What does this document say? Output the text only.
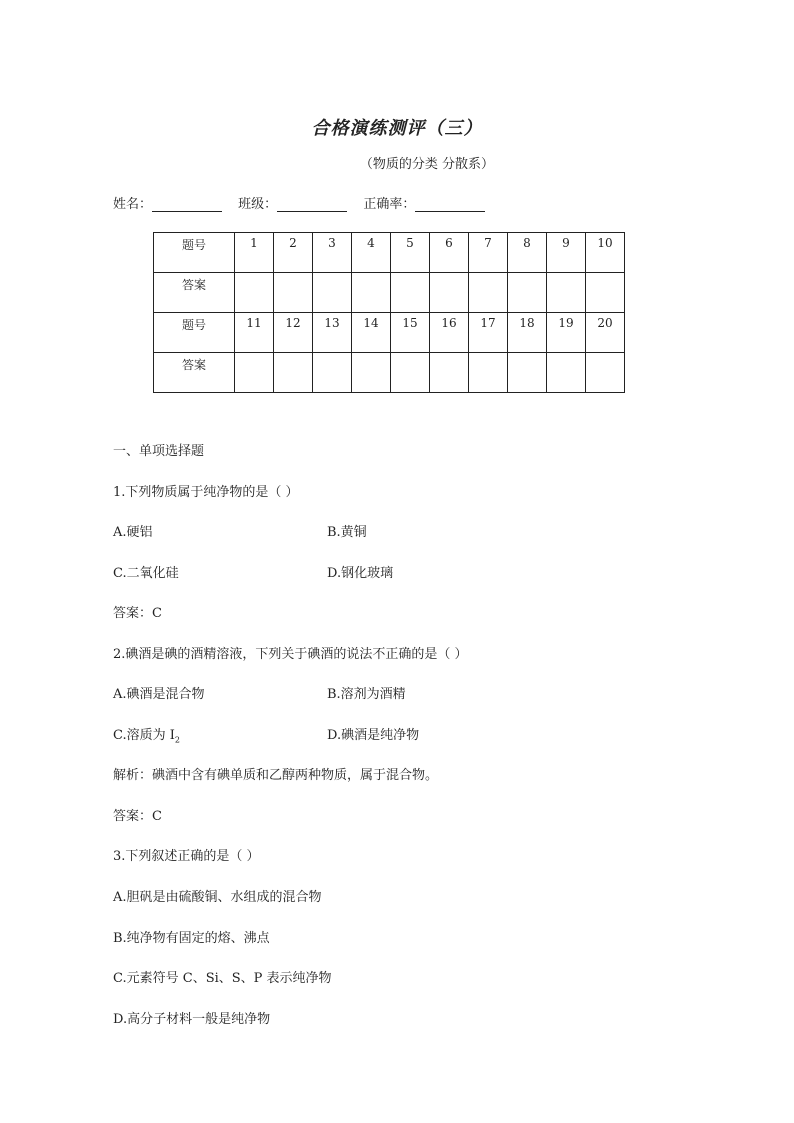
合格演练测评（三）
（物质的分类 分散系）
姓名：	班级：	正确率：
题号	1	2	3	4	5	6	7	8	9	10
答案										
题号	11	12	13	14	15	16	17	18	19	20
答案										
一、单项选择题
1.下列物质属于纯净物的是（ ）
A.硬铝	B.黄铜
C.二氧化硅	D.钢化玻璃
答案：C
2.碘酒是碘的酒精溶液，下列关于碘酒的说法不正确的是（ ）
A.碘酒是混合物	B.溶剂为酒精
C.溶质为 $I_2$	D.碘酒是纯净物
解析：碘酒中含有碘单质和乙醇两种物质，属于混合物。
答案：C
3.下列叙述正确的是（ ）
A.胆矾是由硫酸铜、水组成的混合物
B.纯净物有固定的熔、沸点
C.元素符号 C、Si、S、P 表示纯净物
D.高分子材料一般是纯净物
